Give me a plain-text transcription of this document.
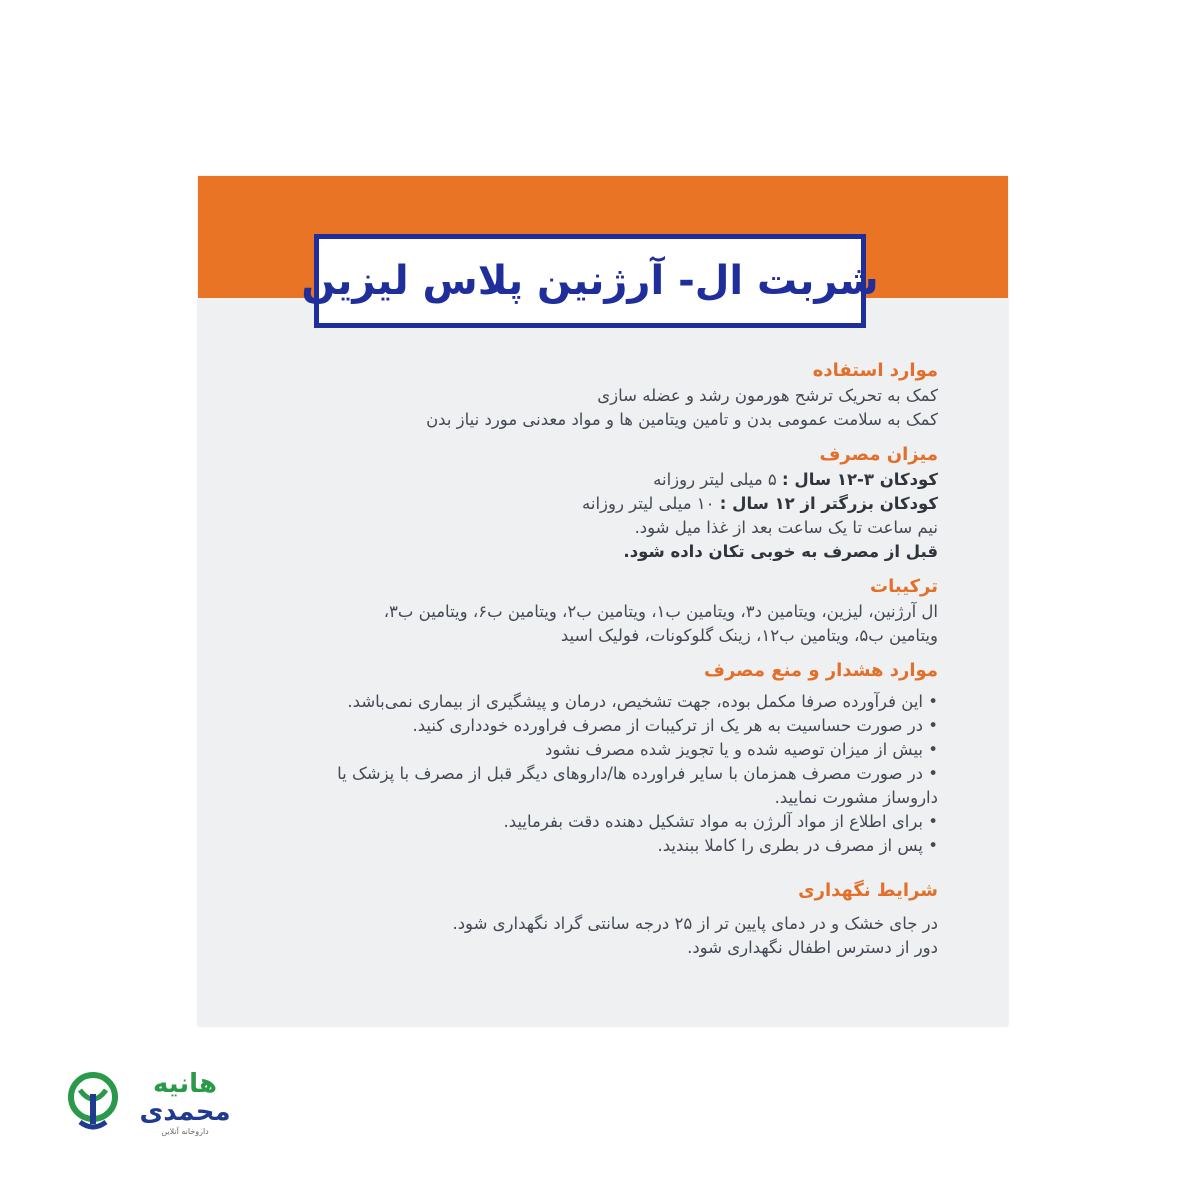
شربت ال- آرژنین پلاس لیزین

موارد استفاده

کمک به تحریک ترشح هورمون رشد و عضله سازی

کمک به سلامت عمومی بدن و تامین ویتامین ها و مواد معدنی مورد نیاز بدن

میزان مصرف

کودکان ۳-۱۲ سال : ۵ میلی لیتر روزانه

کودکان بزرگتر از ۱۲ سال : ۱۰ میلی لیتر روزانه

نیم ساعت تا یک ساعت بعد از غذا میل شود.

قبل از مصرف به خوبی تکان داده شود.

ترکیبات

ال آرژنین، لیزین، ویتامین د۳، ویتامین ب۱، ویتامین ب۲، ویتامین ب۶، ویتامین ب۳،

ویتامین ب۵، ویتامین ب۱۲، زینک گلوکونات، فولیک اسید

موارد هشدار و منع مصرف

• این فرآورده صرفا مکمل بوده، جهت تشخیص، درمان و پیشگیری از بیماری نمی‌باشد.

• در صورت حساسیت به هر یک از ترکیبات از مصرف فراورده خودداری کنید.

• بیش از میزان توصیه شده و یا تجویز شده مصرف نشود

• در صورت مصرف همزمان با سایر فراورده ها/داروهای دیگر قبل از مصرف با پزشک یا

داروساز مشورت نمایید.

• برای اطلاع از مواد آلرژن به مواد تشکیل دهنده دقت بفرمایید.

• پس از مصرف در بطری را کاملا ببندید.

شرایط نگهداری

در جای خشک و در دمای پایین تر از ۲۵ درجه سانتی گراد نگهداری شود.

دور از دسترس اطفال نگهداری شود.

هانیه
محمدی
داروخانه آنلاین
